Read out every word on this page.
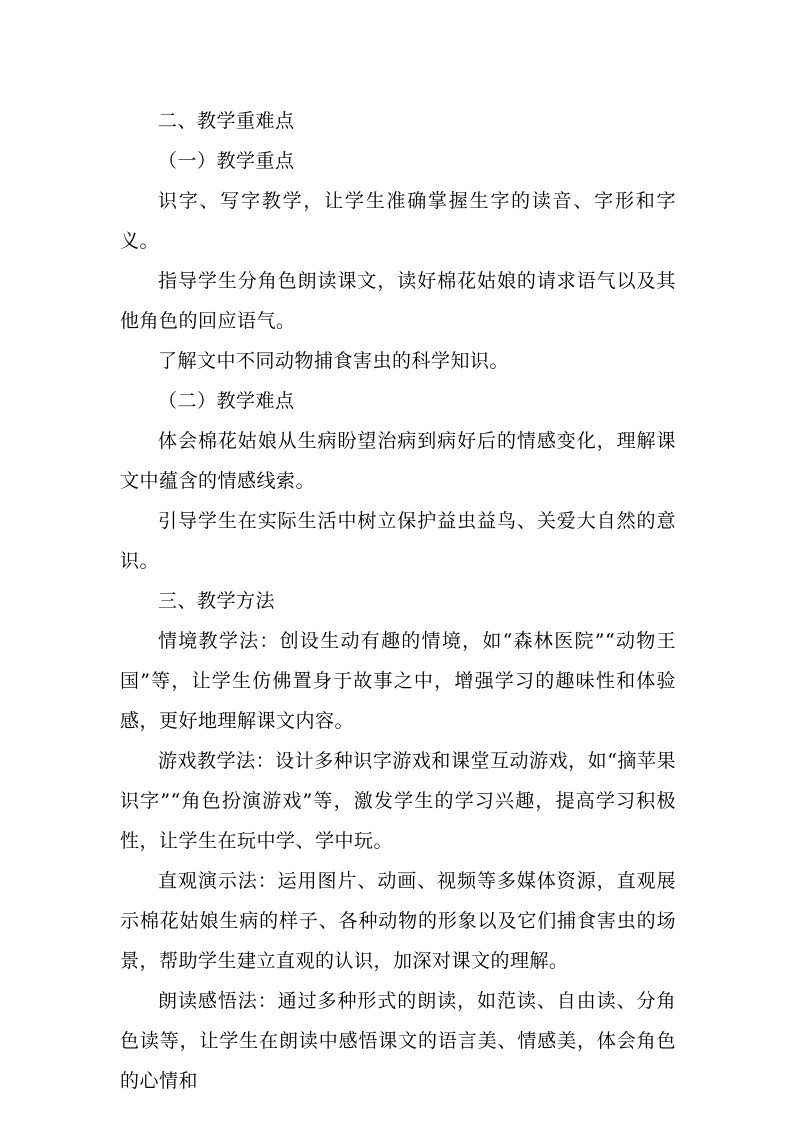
二、教学重难点

（一）教学重点

识字、写字教学，让学生准确掌握生字的读音、字形和字义。

指导学生分角色朗读课文，读好棉花姑娘的请求语气以及其他角色的回应语气。

了解文中不同动物捕食害虫的科学知识。

（二）教学难点

体会棉花姑娘从生病盼望治病到病好后的情感变化，理解课文中蕴含的情感线索。

引导学生在实际生活中树立保护益虫益鸟、关爱大自然的意识。

三、教学方法

情境教学法：创设生动有趣的情境，如“森林医院”“动物王国”等，让学生仿佛置身于故事之中，增强学习的趣味性和体验感，更好地理解课文内容。

游戏教学法：设计多种识字游戏和课堂互动游戏，如“摘苹果识字”“角色扮演游戏”等，激发学生的学习兴趣，提高学习积极性，让学生在玩中学、学中玩。

直观演示法：运用图片、动画、视频等多媒体资源，直观展示棉花姑娘生病的样子、各种动物的形象以及它们捕食害虫的场景，帮助学生建立直观的认识，加深对课文的理解。

朗读感悟法：通过多种形式的朗读，如范读、自由读、分角色读等，让学生在朗读中感悟课文的语言美、情感美，体会角色的心情和
